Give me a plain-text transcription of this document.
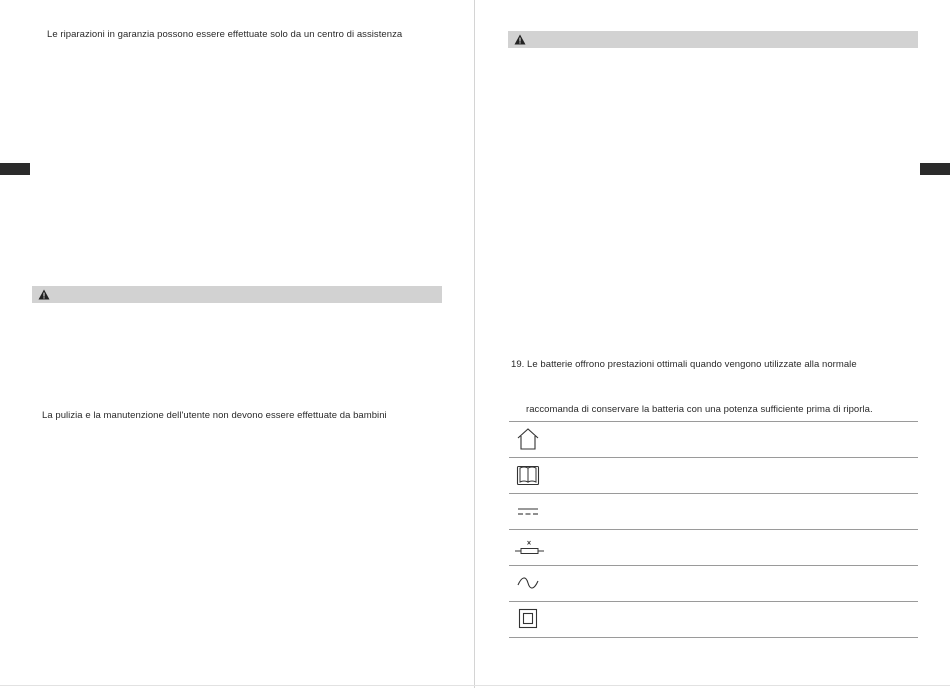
Le riparazioni in garanzia possono essere effettuate solo da un centro di assistenza
La pulizia e la manutenzione dell'utente non devono essere effettuate da bambini
19. Le batterie offrono prestazioni ottimali quando vengono utilizzate alla normale
raccomanda di conservare la batteria con una potenza sufficiente prima di riporla.
